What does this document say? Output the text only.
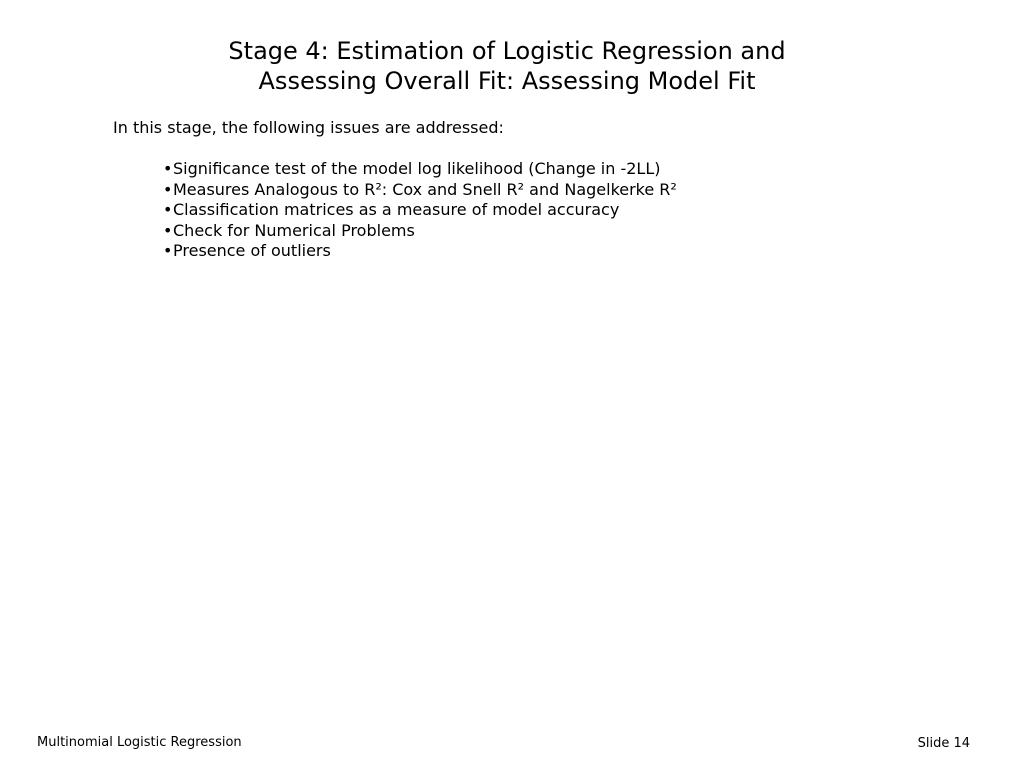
Stage 4: Estimation of Logistic Regression and
Assessing Overall Fit: Assessing Model Fit

In this stage, the following issues are addressed:

•Significance test of the model log likelihood (Change in -2LL)
•Measures Analogous to R²: Cox and Snell R² and Nagelkerke R²
•Classification matrices as a measure of model accuracy
•Check for Numerical Problems
•Presence of outliers
Multinomial Logistic Regression	Slide 14
